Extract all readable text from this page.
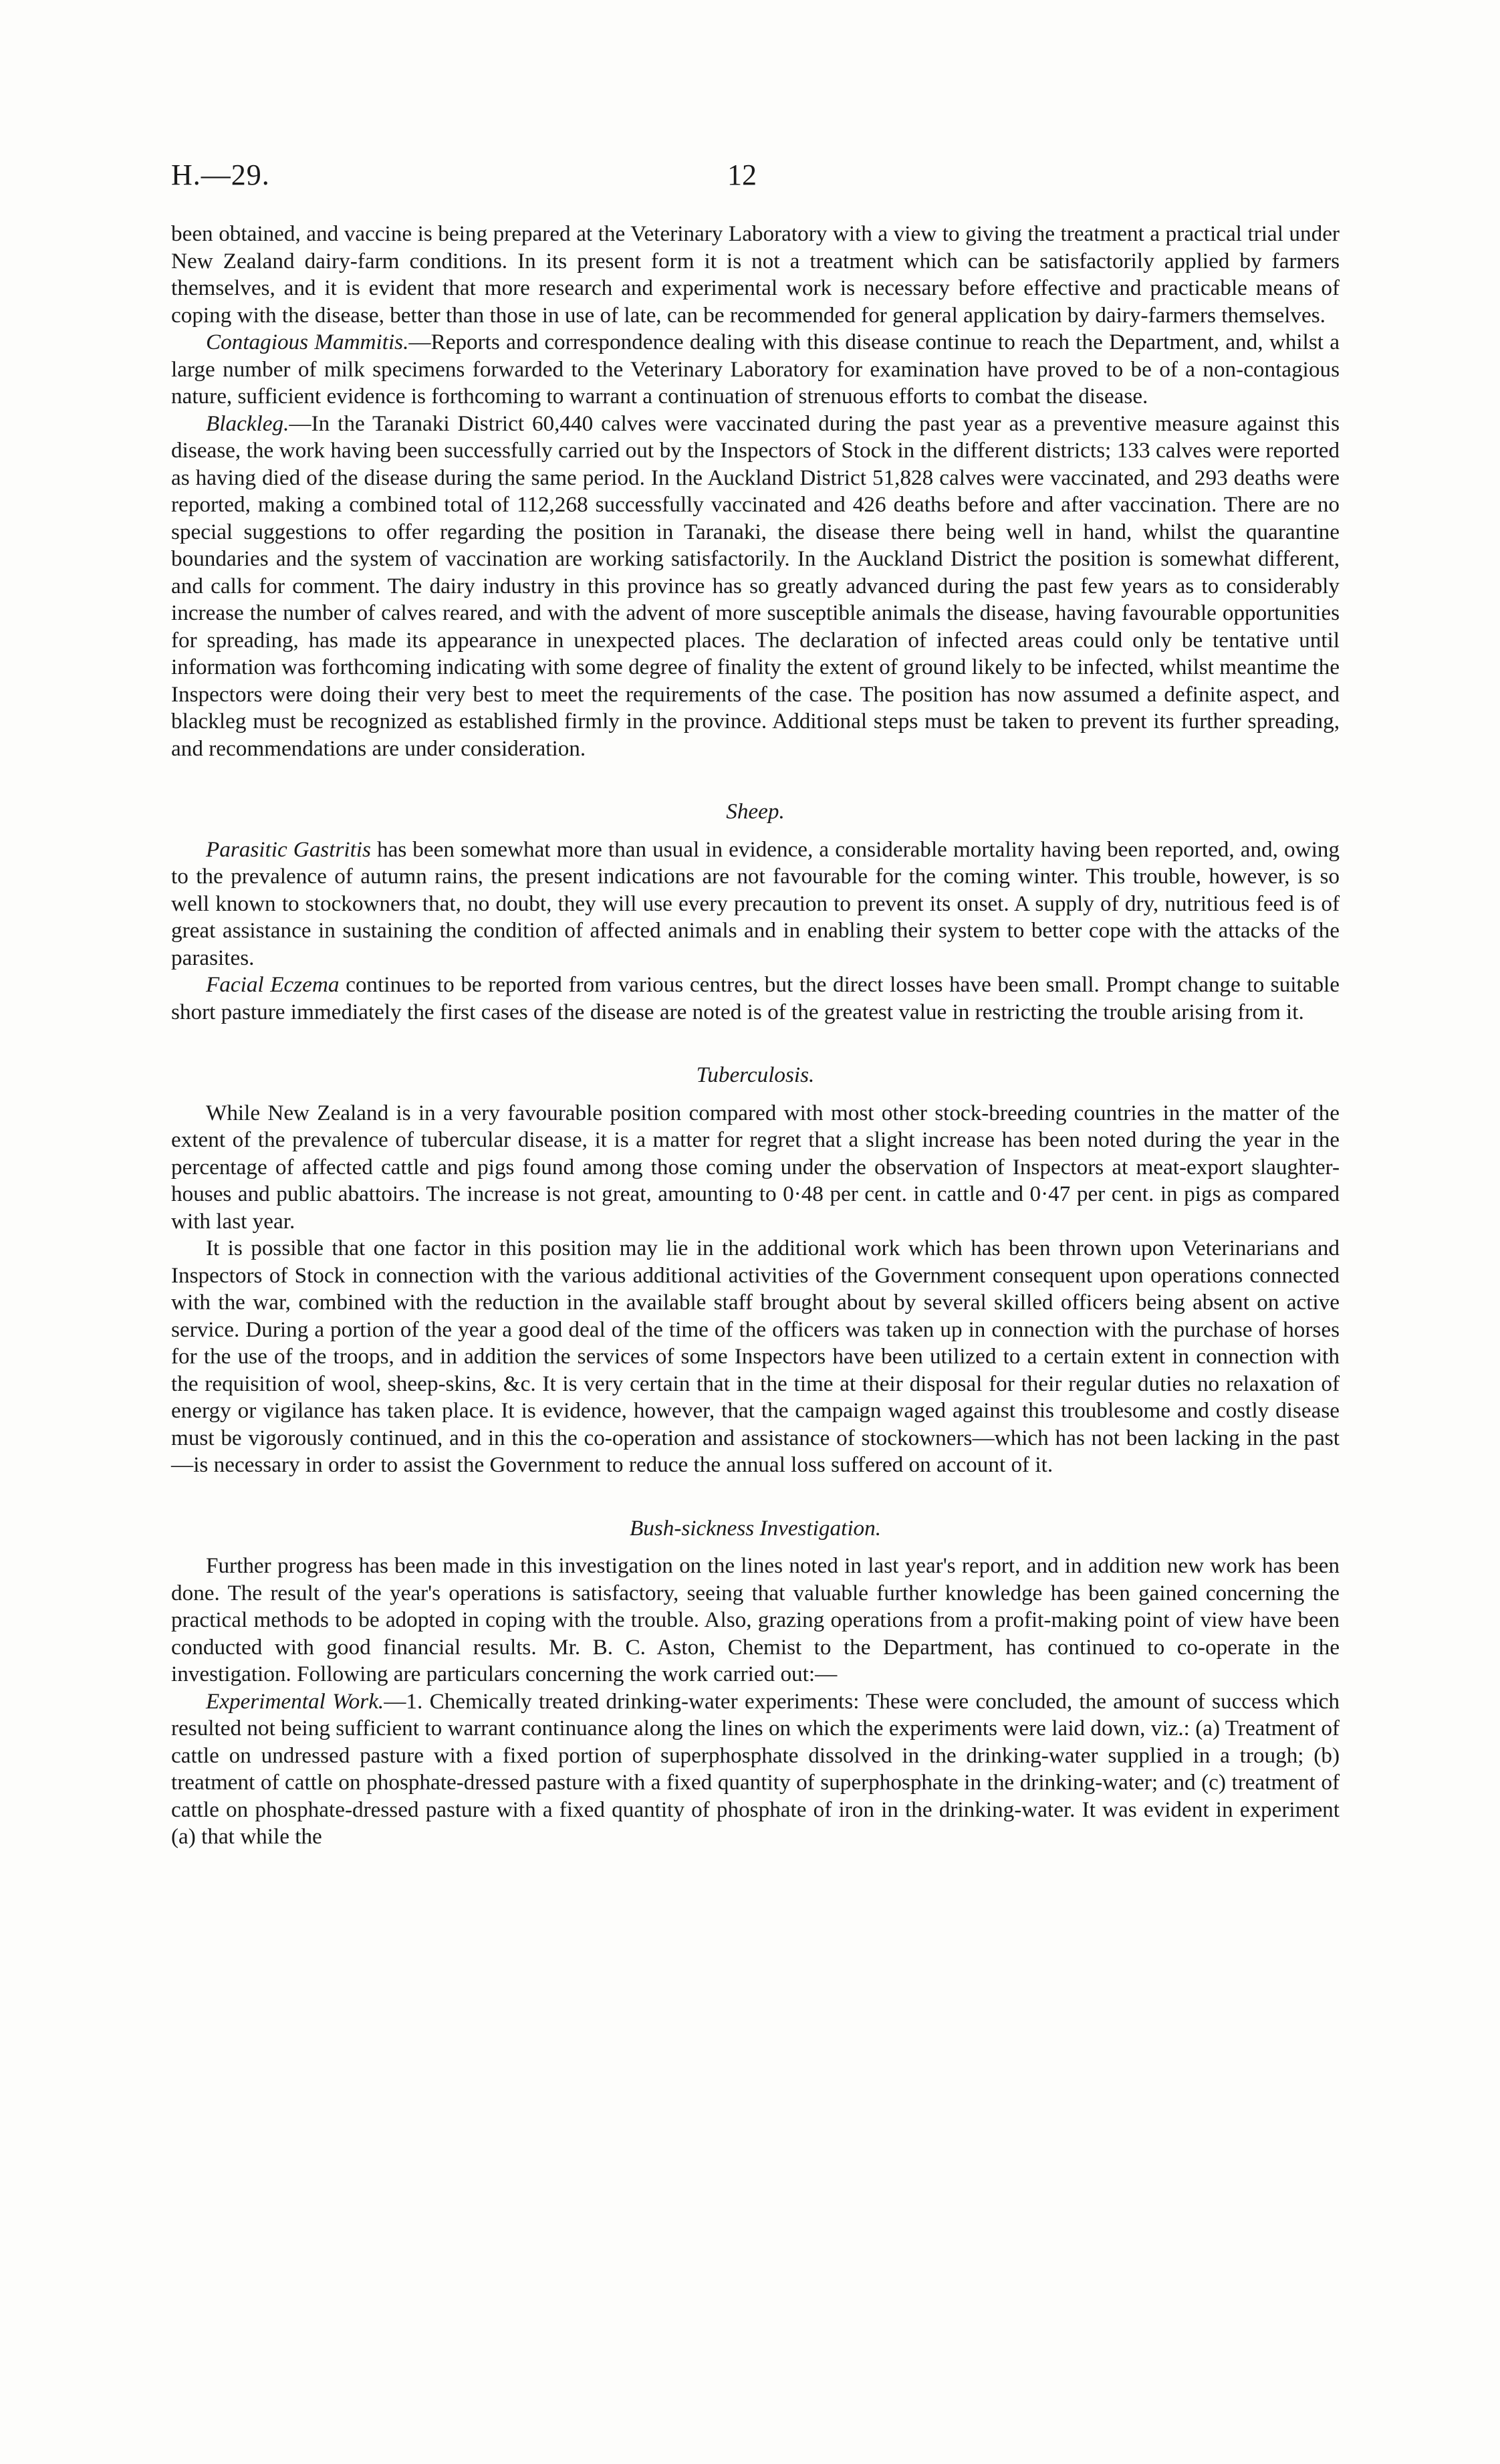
H.—29.	12

been obtained, and vaccine is being prepared at the Veterinary Laboratory with a view to giving the treatment a practical trial under New Zealand dairy-farm conditions. In its present form it is not a treatment which can be satisfactorily applied by farmers themselves, and it is evident that more research and experimental work is necessary before effective and practicable means of coping with the disease, better than those in use of late, can be recommended for general application by dairy-farmers themselves.

Contagious Mammitis.—Reports and correspondence dealing with this disease continue to reach the Department, and, whilst a large number of milk specimens forwarded to the Veterinary Laboratory for examination have proved to be of a non-contagious nature, sufficient evidence is forthcoming to warrant a continuation of strenuous efforts to combat the disease.

Blackleg.—In the Taranaki District 60,440 calves were vaccinated during the past year as a preventive measure against this disease, the work having been successfully carried out by the Inspectors of Stock in the different districts; 133 calves were reported as having died of the disease during the same period. In the Auckland District 51,828 calves were vaccinated, and 293 deaths were reported, making a combined total of 112,268 successfully vaccinated and 426 deaths before and after vaccination. There are no special suggestions to offer regarding the position in Taranaki, the disease there being well in hand, whilst the quarantine boundaries and the system of vaccination are working satisfactorily. In the Auckland District the position is somewhat different, and calls for comment. The dairy industry in this province has so greatly advanced during the past few years as to considerably increase the number of calves reared, and with the advent of more susceptible animals the disease, having favourable opportunities for spreading, has made its appearance in unexpected places. The declaration of infected areas could only be tentative until information was forthcoming indicating with some degree of finality the extent of ground likely to be infected, whilst meantime the Inspectors were doing their very best to meet the requirements of the case. The position has now assumed a definite aspect, and blackleg must be recognized as established firmly in the province. Additional steps must be taken to prevent its further spreading, and recommendations are under consideration.

Sheep.

Parasitic Gastritis has been somewhat more than usual in evidence, a considerable mortality having been reported, and, owing to the prevalence of autumn rains, the present indications are not favourable for the coming winter. This trouble, however, is so well known to stockowners that, no doubt, they will use every precaution to prevent its onset. A supply of dry, nutritious feed is of great assistance in sustaining the condition of affected animals and in enabling their system to better cope with the attacks of the parasites.

Facial Eczema continues to be reported from various centres, but the direct losses have been small. Prompt change to suitable short pasture immediately the first cases of the disease are noted is of the greatest value in restricting the trouble arising from it.

Tuberculosis.

While New Zealand is in a very favourable position compared with most other stock-breeding countries in the matter of the extent of the prevalence of tubercular disease, it is a matter for regret that a slight increase has been noted during the year in the percentage of affected cattle and pigs found among those coming under the observation of Inspectors at meat-export slaughter-houses and public abattoirs. The increase is not great, amounting to 0·48 per cent. in cattle and 0·47 per cent. in pigs as compared with last year.

It is possible that one factor in this position may lie in the additional work which has been thrown upon Veterinarians and Inspectors of Stock in connection with the various additional activities of the Government consequent upon operations connected with the war, combined with the reduction in the available staff brought about by several skilled officers being absent on active service. During a portion of the year a good deal of the time of the officers was taken up in connection with the purchase of horses for the use of the troops, and in addition the services of some Inspectors have been utilized to a certain extent in connection with the requisition of wool, sheep-skins, &c. It is very certain that in the time at their disposal for their regular duties no relaxation of energy or vigilance has taken place. It is evidence, however, that the campaign waged against this troublesome and costly disease must be vigorously continued, and in this the co-operation and assistance of stockowners—which has not been lacking in the past—is necessary in order to assist the Government to reduce the annual loss suffered on account of it.

Bush-sickness Investigation.

Further progress has been made in this investigation on the lines noted in last year's report, and in addition new work has been done. The result of the year's operations is satisfactory, seeing that valuable further knowledge has been gained concerning the practical methods to be adopted in coping with the trouble. Also, grazing operations from a profit-making point of view have been conducted with good financial results. Mr. B. C. Aston, Chemist to the Department, has continued to co-operate in the investigation. Following are particulars concerning the work carried out:—

Experimental Work.—1. Chemically treated drinking-water experiments: These were concluded, the amount of success which resulted not being sufficient to warrant continuance along the lines on which the experiments were laid down, viz.: (a) Treatment of cattle on undressed pasture with a fixed portion of superphosphate dissolved in the drinking-water supplied in a trough; (b) treatment of cattle on phosphate-dressed pasture with a fixed quantity of superphosphate in the drinking-water; and (c) treatment of cattle on phosphate-dressed pasture with a fixed quantity of phosphate of iron in the drinking-water. It was evident in experiment (a) that while the
